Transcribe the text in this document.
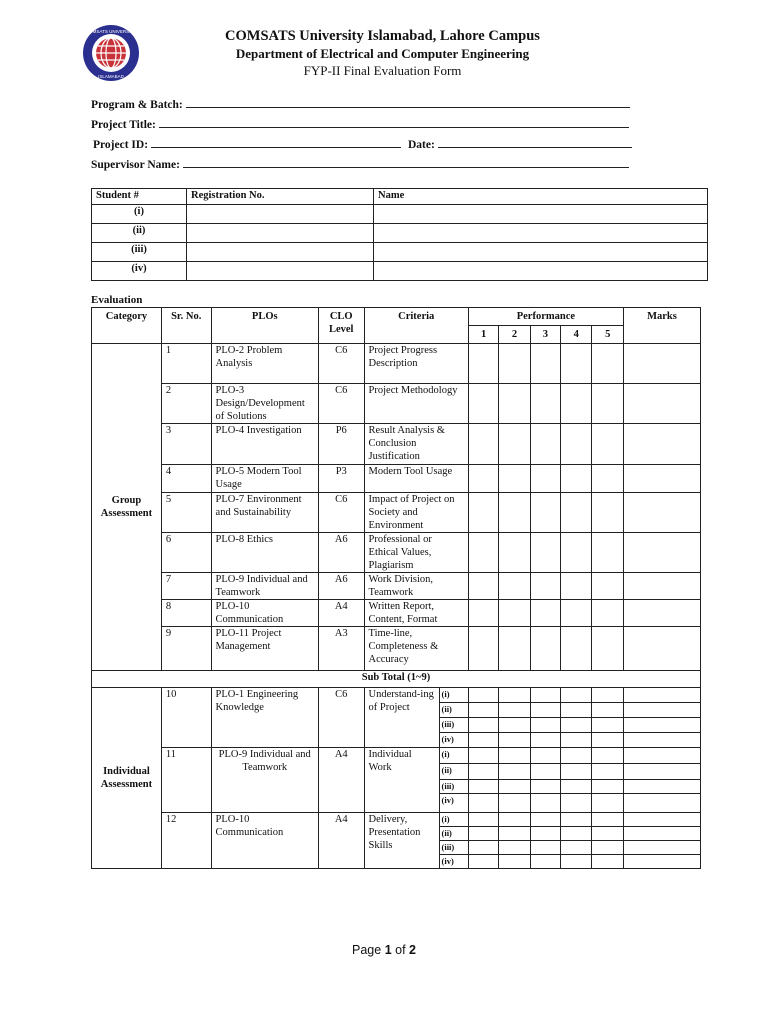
COMSATS UNIVERSITY
ISLAMABAD
COMSATS University Islamabad, Lahore Campus
Department of Electrical and Computer Engineering
FYP-II Final Evaluation Form
Program & Batch:
Project Title:
Project ID:	Date:
Supervisor Name:
Student #	Registration No.	Name
(i)		
(ii)		
(iii)		
(iv)		
Evaluation
Category	Sr. No.	PLOs	CLO Level	Criteria		Performance					Marks
						1	2	3	4	5	
Group Assessment	1	PLO-2 Problem Analysis	C6	Project Progress Description							
	2	PLO-3 Design/Development of Solutions	C6	Project Methodology							
	3	PLO-4 Investigation	P6	Result Analysis & Conclusion Justification							
	4	PLO-5 Modern Tool Usage	P3	Modern Tool Usage							
	5	PLO-7 Environment and Sustainability	C6	Impact of Project on Society and Environment							
	6	PLO-8 Ethics	A6	Professional or Ethical Values, Plagiarism							
	7	PLO-9 Individual and Teamwork	A6	Work Division, Teamwork							
	8	PLO-10 Communication	A4	Written Report, Content, Format							
	9	PLO-11 Project Management	A3	Time-line, Completeness & Accuracy							
Sub Total (1~9)											
Individual Assessment	10	PLO-1 Engineering Knowledge	C6	Understand-ing of Project	(i)						
					(ii)						
					(iii)						
					(iv)						
	11	PLO-9 Individual and Teamwork	A4	Individual Work	(i)						
					(ii)						
					(iii)						
					(iv)						
	12	PLO-10 Communication	A4	Delivery, Presentation Skills	(i)						
					(ii)						
					(iii)						
					(iv)						
Page 1 of 2
